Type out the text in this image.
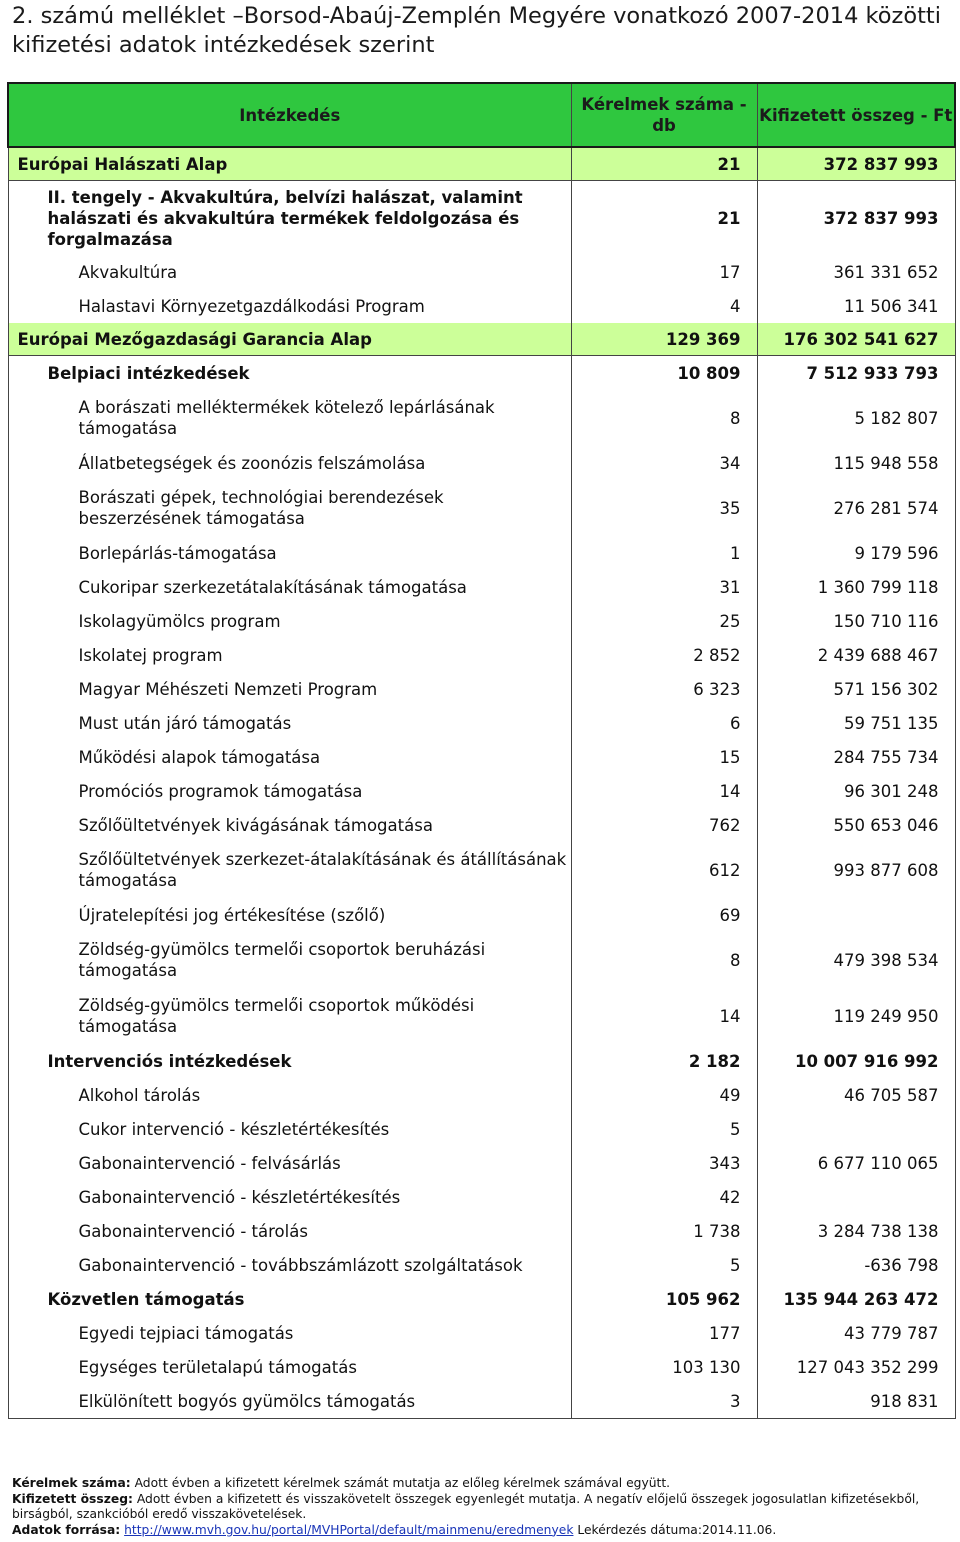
2. számú melléklet –Borsod-Abaúj-Zemplén Megyére vonatkozó 2007-2014 közötti kifizetési adatok intézkedések szerint
Intézkedés	Kérelmek száma - db	Kifizetett összeg - Ft
Európai Halászati Alap	21	372 837 993
II. tengely - Akvakultúra, belvízi halászat, valamint halászati és akvakultúra termékek feldolgozása és forgalmazása	21	372 837 993
Akvakultúra	17	361 331 652
Halastavi Környezetgazdálkodási Program	4	11 506 341
Európai Mezőgazdasági Garancia Alap	129 369	176 302 541 627
Belpiaci intézkedések	10 809	7 512 933 793
A borászati melléktermékek kötelező lepárlásának támogatása	8	5 182 807
Állatbetegségek és zoonózis felszámolása	34	115 948 558
Borászati gépek, technológiai berendezések beszerzésének támogatása	35	276 281 574
Borlepárlás-támogatása	1	9 179 596
Cukoripar szerkezetátalakításának támogatása	31	1 360 799 118
Iskolagyümölcs program	25	150 710 116
Iskolatej program	2 852	2 439 688 467
Magyar Méhészeti Nemzeti Program	6 323	571 156 302
Must után járó támogatás	6	59 751 135
Működési alapok támogatása	15	284 755 734
Promóciós programok támogatása	14	96 301 248
Szőlőültetvények kivágásának támogatása	762	550 653 046
Szőlőültetvények szerkezet-átalakításának és átállításának támogatása	612	993 877 608
Újratelepítési jog értékesítése (szőlő)	69	
Zöldség-gyümölcs termelői csoportok beruházási támogatása	8	479 398 534
Zöldség-gyümölcs termelői csoportok működési támogatása	14	119 249 950
Intervenciós intézkedések	2 182	10 007 916 992
Alkohol tárolás	49	46 705 587
Cukor intervenció - készletértékesítés	5	
Gabonaintervenció - felvásárlás	343	6 677 110 065
Gabonaintervenció - készletértékesítés	42	
Gabonaintervenció - tárolás	1 738	3 284 738 138
Gabonaintervenció - továbbszámlázott szolgáltatások	5	-636 798
Közvetlen támogatás	105 962	135 944 263 472
Egyedi tejpiaci támogatás	177	43 779 787
Egységes területalapú támogatás	103 130	127 043 352 299
Elkülönített bogyós gyümölcs támogatás	3	918 831
Kérelmek száma: Adott évben a kifizetett kérelmek számát mutatja az előleg kérelmek számával együtt.
Kifizetett összeg: Adott évben a kifizetett és visszakövetelt összegek egyenlegét mutatja. A negatív előjelű összegek jogosulatlan kifizetésekből, birságból, szankcióból eredő visszakövetelések.
Adatok forrása: http://www.mvh.gov.hu/portal/MVHPortal/default/mainmenu/eredmenyek Lekérdezés dátuma:2014.11.06.
